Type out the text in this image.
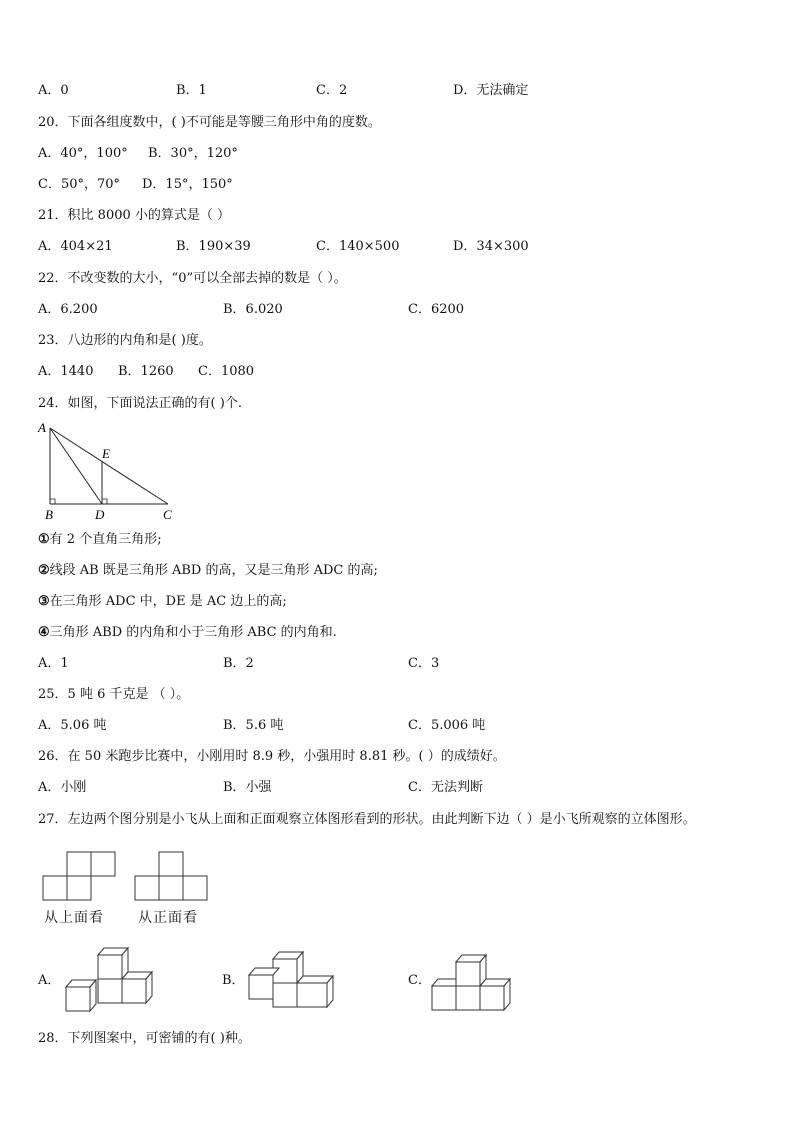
A．0	B．1	C．2	D．无法确定
20．下面各组度数中，( )不可能是等腰三角形中角的度数。
A．40°，100° B．30°，120°
C．50°，70° D．15°，150°
21．积比 8000 小的算式是（ ）
A．404×21	B．190×39	C．140×500	D．34×300
22．不改变数的大小，“0”可以全部去掉的数是（ ）。
A．6.200	B．6.020	C．6200
23．八边形的内角和是( )度。
A．1440 B．1260 C．1080
24．如图，下面说法正确的有( )个.
A
E
B	D	C
①有 2 个直角三角形;
②线段 AB 既是三角形 ABD 的高，又是三角形 ADC 的高;
③在三角形 ADC 中，DE 是 AC 边上的高;
④三角形 ABD 的内角和小于三角形 ABC 的内角和.
A．1	B．2	C．3
25．5 吨 6 千克是 （ ）。
A．5.06 吨	B．5.6 吨	C．5.006 吨
26．在 50 米跑步比赛中，小刚用时 8.9 秒，小强用时 8.81 秒。( ）的成绩好。
A．小刚	B．小强	C．无法判断
27．左边两个图分别是小飞从上面和正面观察立体图形看到的形状。由此判断下边（ ）是小飞所观察的立体图形。
从上面看 从正面看
A．	B．	C．
28．下列图案中，可密铺的有( )种。
